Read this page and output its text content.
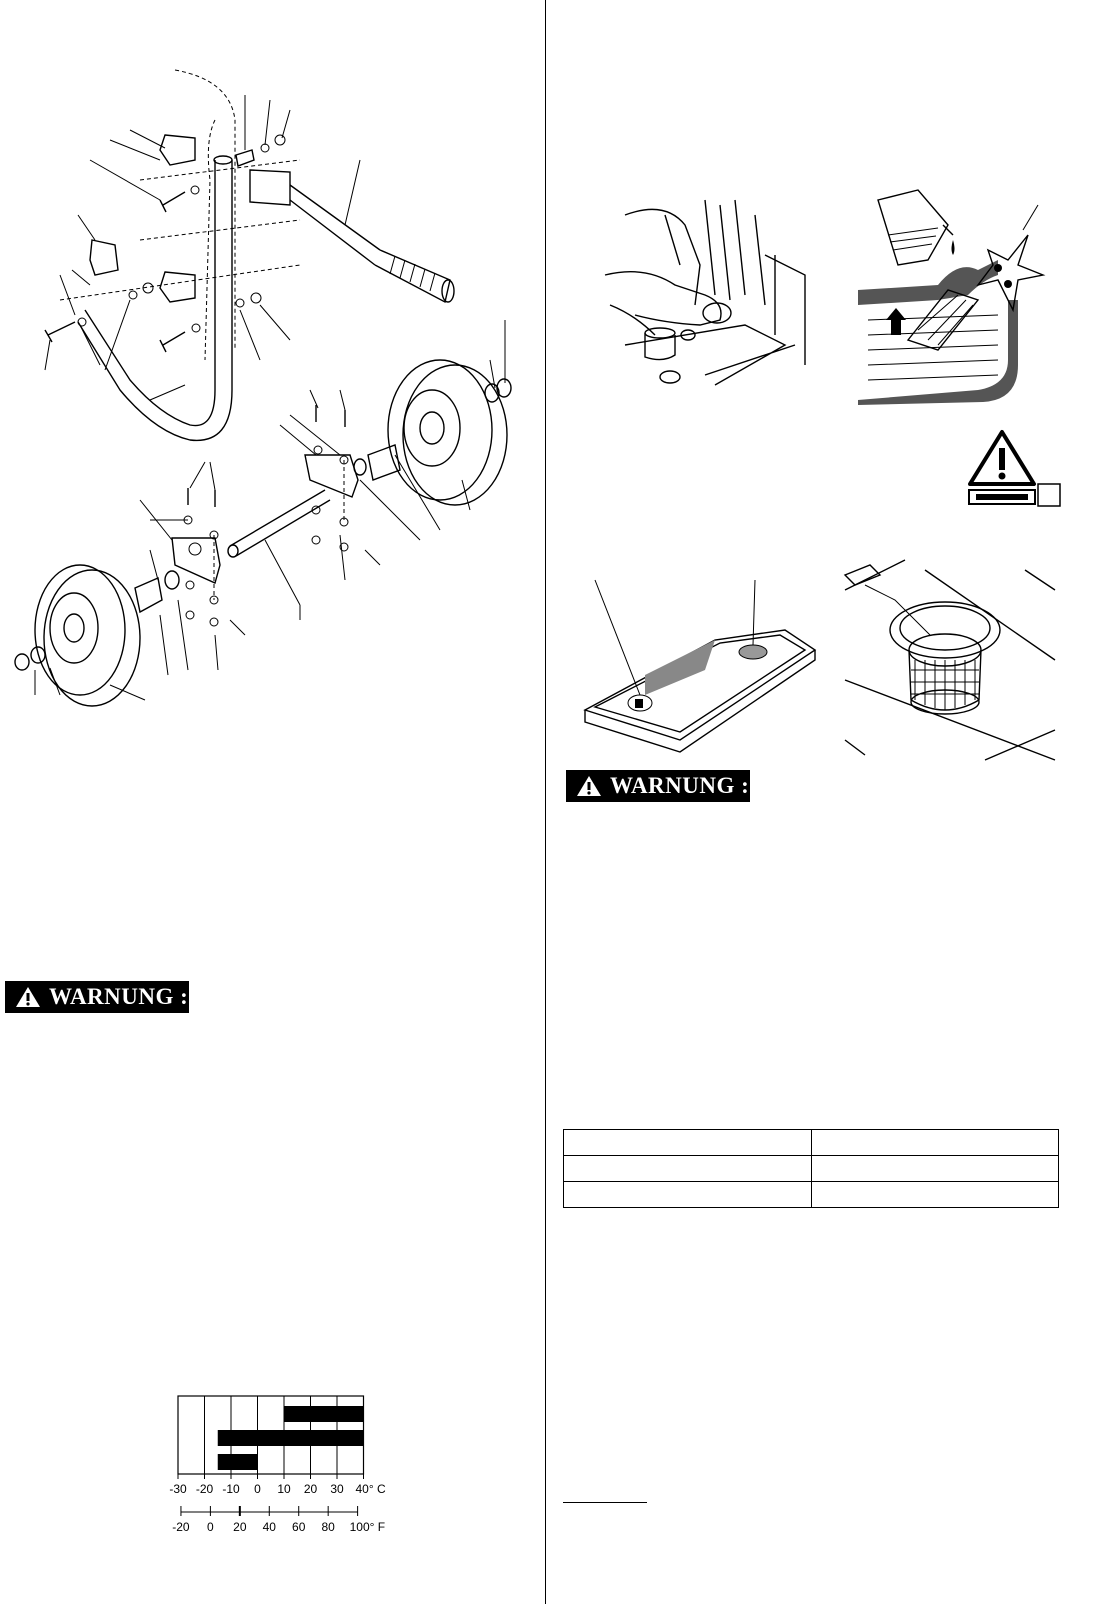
WARNUNG :
WARNUNG :
-30 -20 -10 0 10 20 30 40° C
-20 0 20 40 60 80 100° F
